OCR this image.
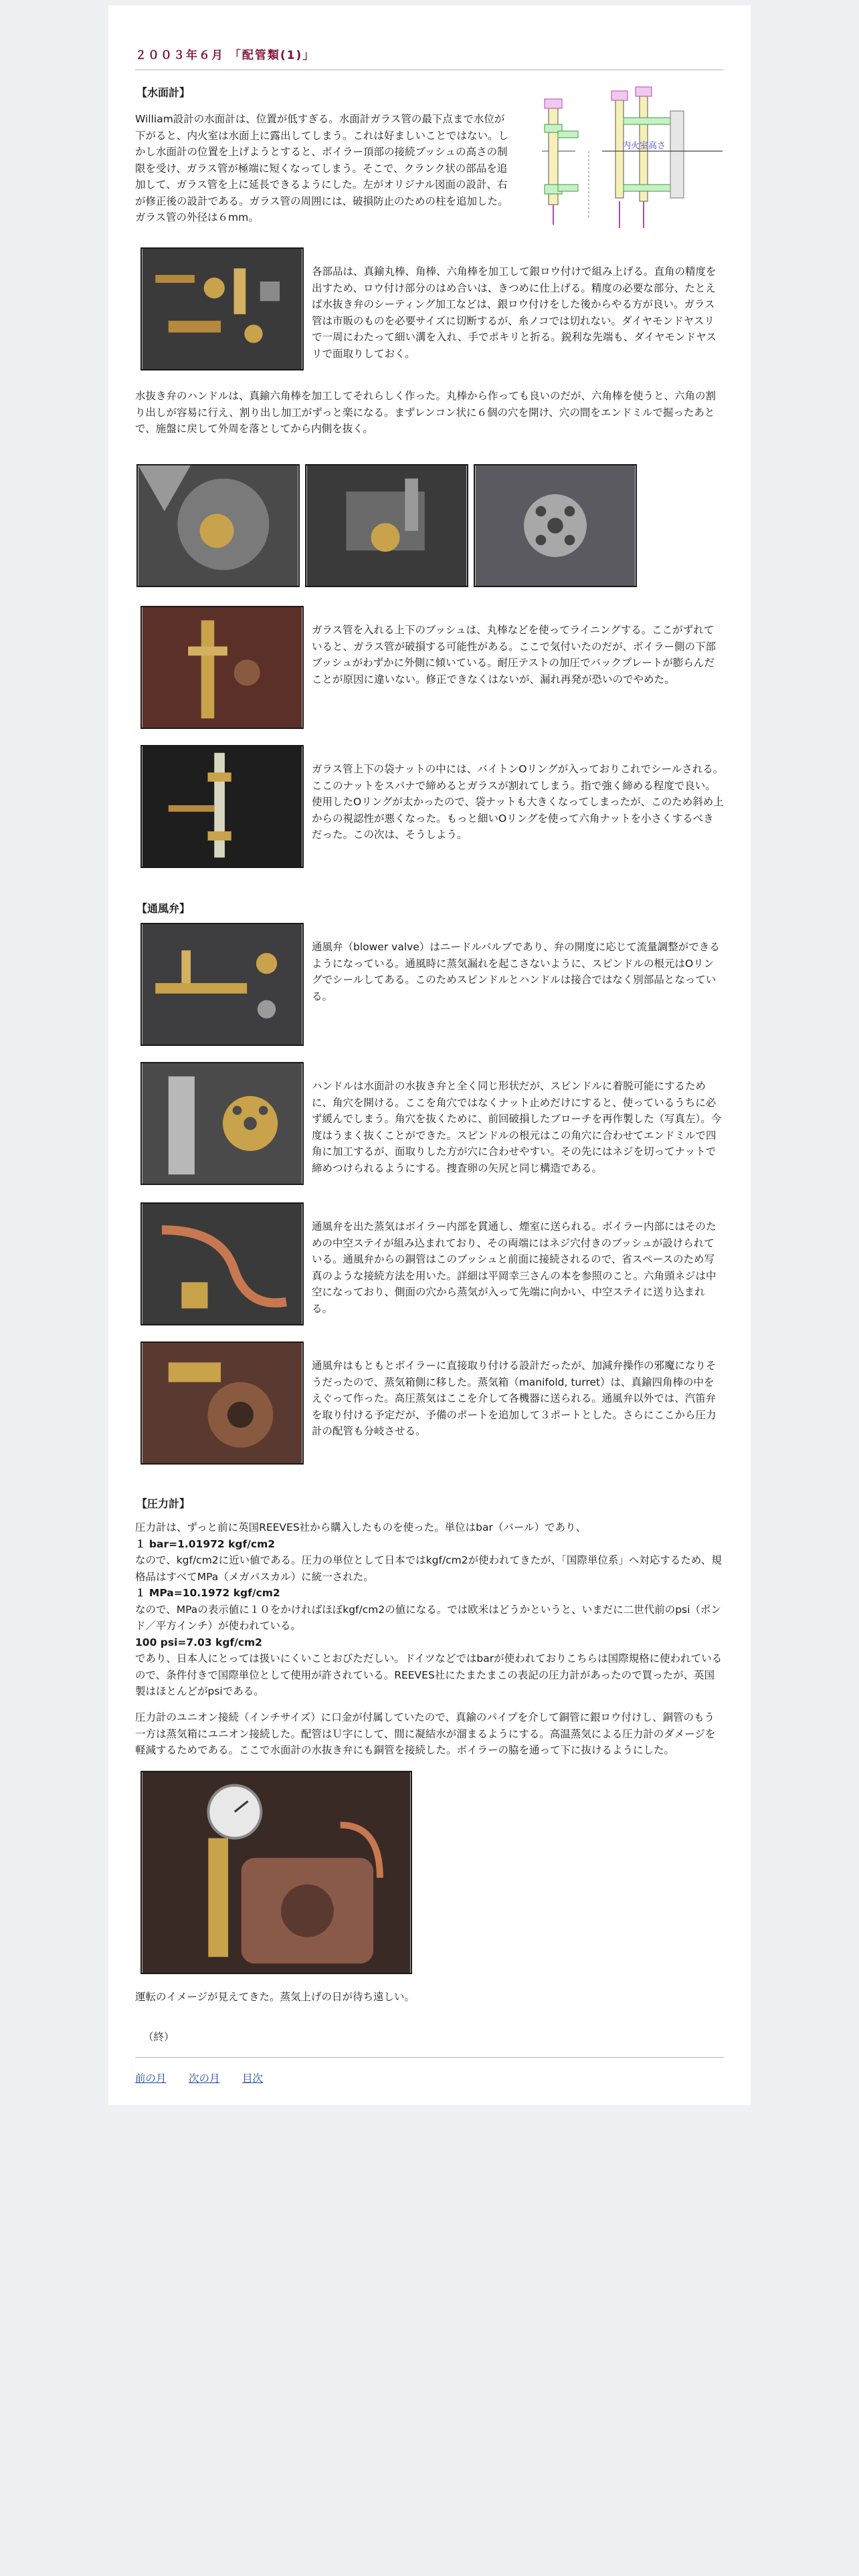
２００３年６月 「配管類(1)」
【水面計】

William設計の水面計は、位置が低すぎる。水面計ガラス管の最下点まで水位が下がると、内火室は水面上に露出してしまう。これは好ましいことではない。しかし水面計の位置を上げようとすると、ボイラー頂部の接続ブッシュの高さの制限を受け、ガラス管が極端に短くなってしまう。そこで、クランク状の部品を追加して、ガラス管を上に延長できるようにした。左がオリジナル図面の設計、右が修正後の設計である。ガラス管の周囲には、破損防止のための柱を追加した。ガラス管の外径は６mm。

内火室高さ

各部品は、真鍮丸棒、角棒、六角棒を加工して銀ロウ付けで組み上げる。直角の精度を出すため、ロウ付け部分のはめ合いは、きつめに仕上げる。精度の必要な部分、たとえば水抜き弁のシーティング加工などは、銀ロウ付けをした後からやる方が良い。ガラス管は市販のものを必要サイズに切断するが、糸ノコでは切れない。ダイヤモンドヤスリで一周にわたって細い溝を入れ、手でポキリと折る。鋭利な先端も、ダイヤモンドヤスリで面取りしておく。

水抜き弁のハンドルは、真鍮六角棒を加工してそれらしく作った。丸棒から作っても良いのだが、六角棒を使うと、六角の割り出しが容易に行え、割り出し加工がずっと楽になる。まずレンコン状に６個の穴を開け、穴の間をエンドミルで掘ったあとで、施盤に戻して外周を落としてから内側を抜く。

ガラス管を入れる上下のブッシュは、丸棒などを使ってライニングする。ここがずれていると、ガラス管が破損する可能性がある。ここで気付いたのだが、ボイラー側の下部ブッシュがわずかに外側に傾いている。耐圧テストの加圧でバックプレートが膨らんだことが原因に違いない。修正できなくはないが、漏れ再発が恐いのでやめた。

ガラス管上下の袋ナットの中には、バイトンOリングが入っておりこれでシールされる。ここのナットをスパナで締めるとガラスが割れてしまう。指で強く締める程度で良い。使用したOリングが太かったので、袋ナットも大きくなってしまったが、このため斜め上からの視認性が悪くなった。もっと細いOリングを使って六角ナットを小さくするべきだった。この次は、そうしよう。

【通風弁】

通風弁（blower valve）はニードルバルブであり、弁の開度に応じて流量調整ができるようになっている。通風時に蒸気漏れを起こさないように、スピンドルの根元はOリングでシールしてある。このためスピンドルとハンドルは接合ではなく別部品となっている。

ハンドルは水面計の水抜き弁と全く同じ形状だが、スピンドルに着脱可能にするために、角穴を開ける。ここを角穴ではなくナット止めだけにすると、使っているうちに必ず緩んでしまう。角穴を抜くために、前回破損したブローチを再作製した（写真左）。今度はうまく抜くことができた。スピンドルの根元はこの角穴に合わせてエンドミルで四角に加工するが、面取りした方が穴に合わせやすい。その先にはネジを切ってナットで締めつけられるようにする。捜査卵の矢尻と同じ構造である。

通風弁を出た蒸気はボイラー内部を貫通し、煙室に送られる。ボイラー内部にはそのための中空ステイが組み込まれており、その両端にはネジ穴付きのブッシュが設けられている。通風弁からの銅管はこのブッシュと前面に接続されるので、省スペースのため写真のような接続方法を用いた。詳細は平岡幸三さんの本を参照のこと。六角頭ネジは中空になっており、側面の穴から蒸気が入って先端に向かい、中空ステイに送り込まれる。

通風弁はもともとボイラーに直接取り付ける設計だったが、加減弁操作の邪魔になりそうだったので、蒸気箱側に移した。蒸気箱（manifold, turret）は、真鍮四角棒の中をえぐって作った。高圧蒸気はここを介して各機器に送られる。通風弁以外では、汽笛弁を取り付ける予定だが、予備のポートを追加して３ポートとした。さらにここから圧力計の配管も分岐させる。

【圧力計】

圧力計は、ずっと前に英国REEVES社から購入したものを使った。単位はbar（バール）であり、

１ bar=1.01972 kgf/cm2

なので、kgf/cm2に近い値である。圧力の単位として日本ではkgf/cm2が使われてきたが、「国際単位系」へ対応するため、規格品はすべてMPa（メガパスカル）に統一された。

１ MPa=10.1972 kgf/cm2

なので、MPaの表示値に１０をかければほぼkgf/cm2の値になる。では欧米はどうかというと、いまだに二世代前のpsi（ポンド／平方インチ）が使われている。

100 psi=7.03 kgf/cm2

であり、日本人にとっては扱いにくいことおびただしい。ドイツなどではbarが使われておりこちらは国際規格に使われているので、条件付きで国際単位として使用が許されている。REEVES社にたまたまこの表記の圧力計があったので買ったが、英国製はほとんどがpsiである。

圧力計のユニオン接続（インチサイズ）に口金が付属していたので、真鍮のパイプを介して銅管に銀ロウ付けし、銅管のもう一方は蒸気箱にユニオン接続した。配管はＵ字にして、間に凝結水が溜まるようにする。高温蒸気による圧力計のダメージを軽減するためである。ここで水面計の水抜き弁にも銅管を接続した。ボイラーの脇を通って下に抜けるようにした。

運転のイメージが見えてきた。蒸気上げの日が待ち遠しい。

（終）

前の月 次の月 目次
